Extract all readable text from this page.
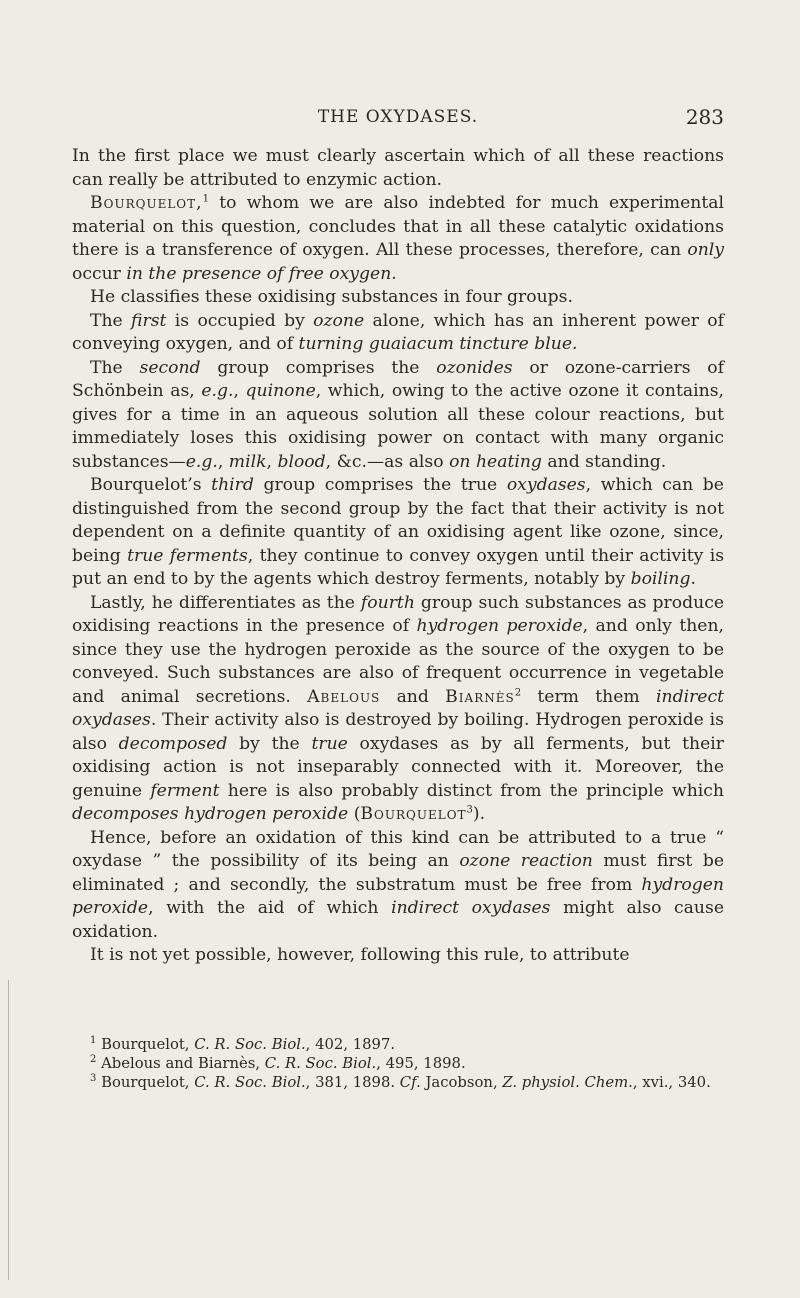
THE OXYDASES.	283

In the first place we must clearly ascertain which of all these reactions can really be attributed to enzymic action.

Bourquelot,$^1$ to whom we are also indebted for much experimental material on this question, concludes that in all these catalytic oxidations there is a transference of oxygen. All these processes, therefore, can only occur in the presence of free oxygen.

He classifies these oxidising substances in four groups.

The first is occupied by ozone alone, which has an inherent power of conveying oxygen, and of turning guaiacum tincture blue.

The second group comprises the ozonides or ozone-carriers of Schönbein as, e.g., quinone, which, owing to the active ozone it contains, gives for a time in an aqueous solution all these colour reactions, but immediately loses this oxidising power on contact with many organic substances—e.g., milk, blood, &c.—as also on heating and standing.

Bourquelot’s third group comprises the true oxydases, which can be distinguished from the second group by the fact that their activity is not dependent on a definite quantity of an oxidising agent like ozone, since, being true ferments, they continue to convey oxygen until their activity is put an end to by the agents which destroy ferments, notably by boiling.

Lastly, he differentiates as the fourth group such substances as produce oxidising reactions in the presence of hydrogen peroxide, and only then, since they use the hydrogen peroxide as the source of the oxygen to be conveyed. Such substances are also of frequent occurrence in vegetable and animal secretions. Abelous and Biarnès$^2$ term them indirect oxydases. Their activity also is destroyed by boiling. Hydrogen peroxide is also decomposed by the true oxydases as by all ferments, but their oxidising action is not inseparably connected with it. Moreover, the genuine ferment here is also probably distinct from the principle which decomposes hydrogen peroxide (Bourquelot$^3$).

Hence, before an oxidation of this kind can be attributed to a true “ oxydase ” the possibility of its being an ozone reaction must first be eliminated ; and secondly, the substratum must be free from hydrogen peroxide, with the aid of which indirect oxydases might also cause oxidation.

It is not yet possible, however, following this rule, to attribute

$^1$ Bourquelot, C. R. Soc. Biol., 402, 1897.

$^2$ Abelous and Biarnès, C. R. Soc. Biol., 495, 1898.

$^3$ Bourquelot, C. R. Soc. Biol., 381, 1898. Cf. Jacobson, Z. physiol. Chem., xvi., 340.
